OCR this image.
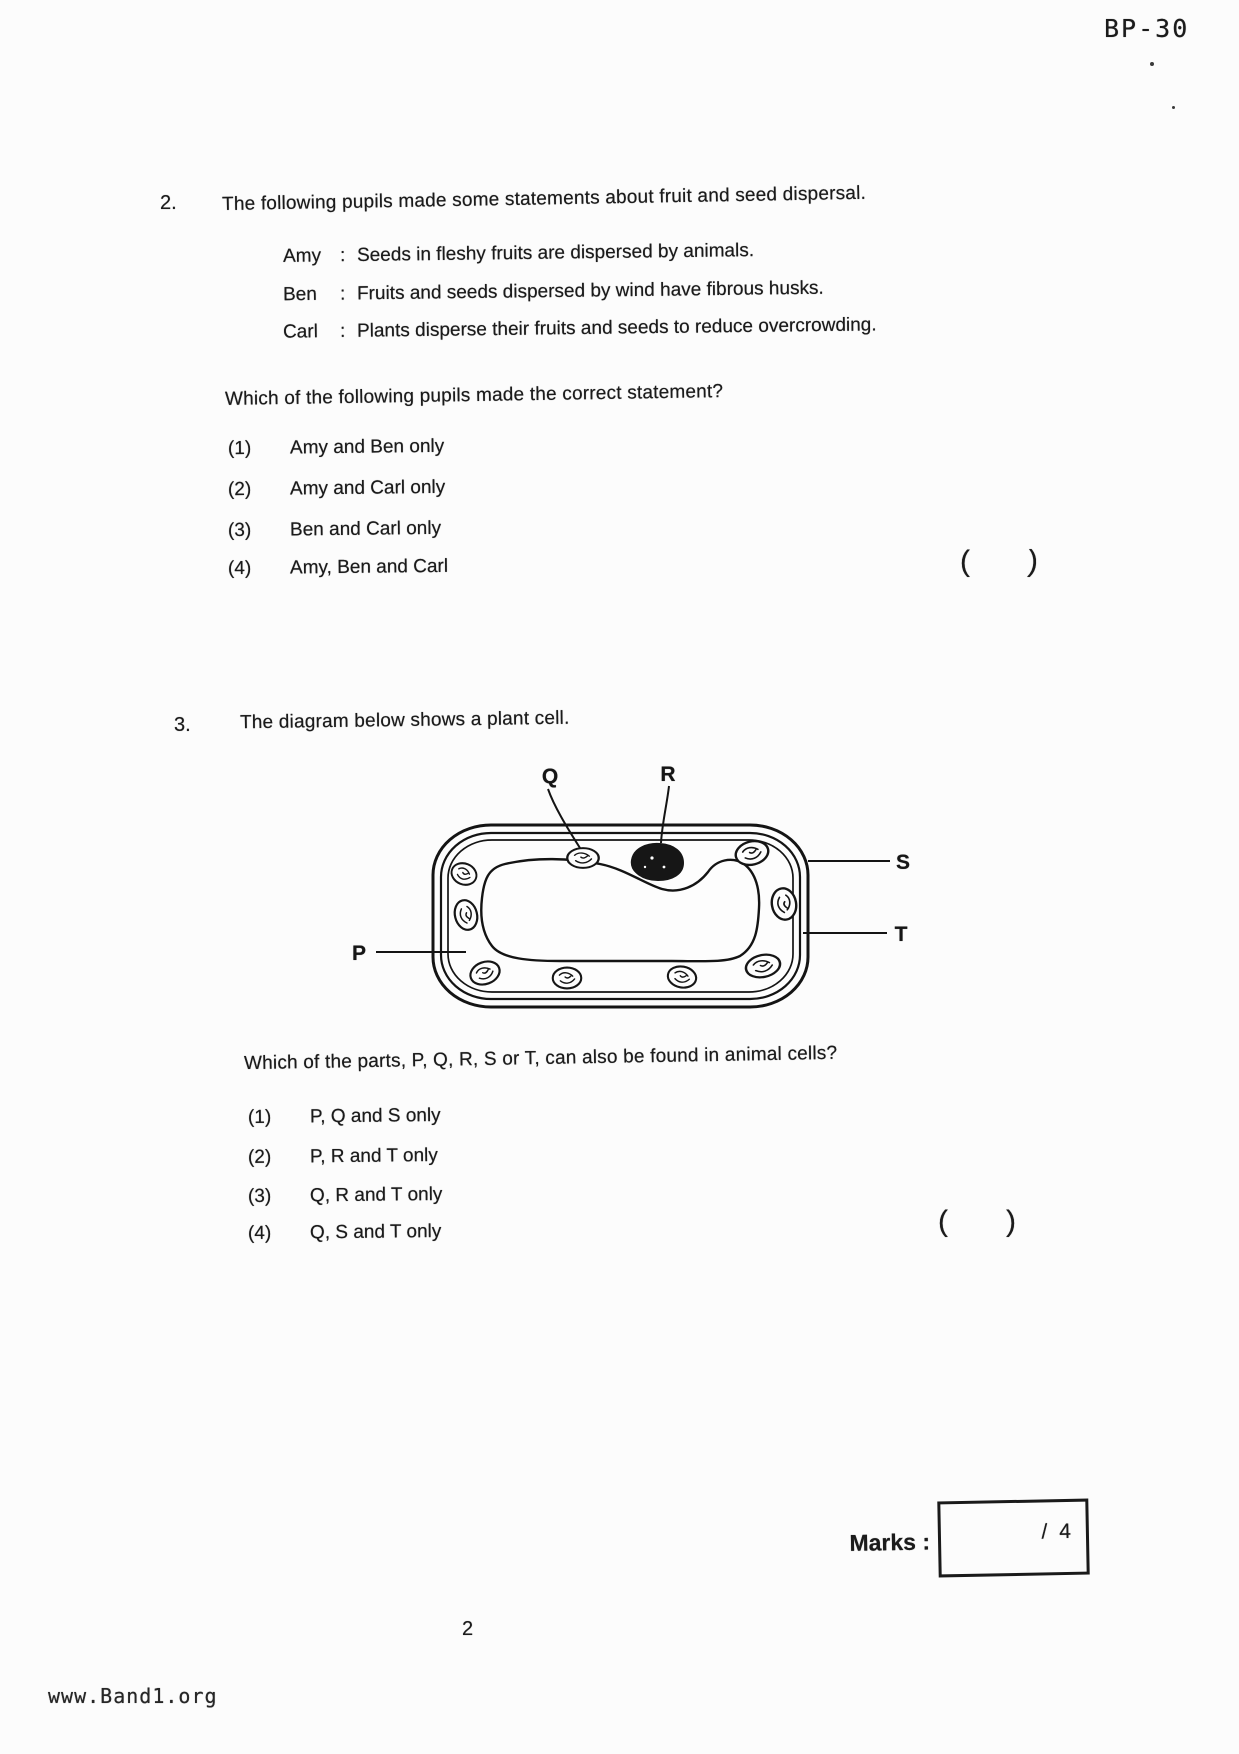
BP-30
2. The following pupils made some statements about fruit and seed dispersal.
Amy : Seeds in fleshy fruits are dispersed by animals.
Ben : Fruits and seeds dispersed by wind have fibrous husks.
Carl : Plants disperse their fruits and seeds to reduce overcrowding.
Which of the following pupils made the correct statement?
(1) Amy and Ben only
(2) Amy and Carl only
(3) Ben and Carl only
(4) Amy, Ben and Carl	( )
3.	The diagram below shows a plant cell.
Q	R
S
T
P
Which of the parts, P, Q, R, S or T, can also be found in animal cells?
(1) P, Q and S only
(2) P, R and T only
(3) Q, R and T only
(4) Q, S and T only	( )
Marks :	/ 4
2
www.Band1.org
